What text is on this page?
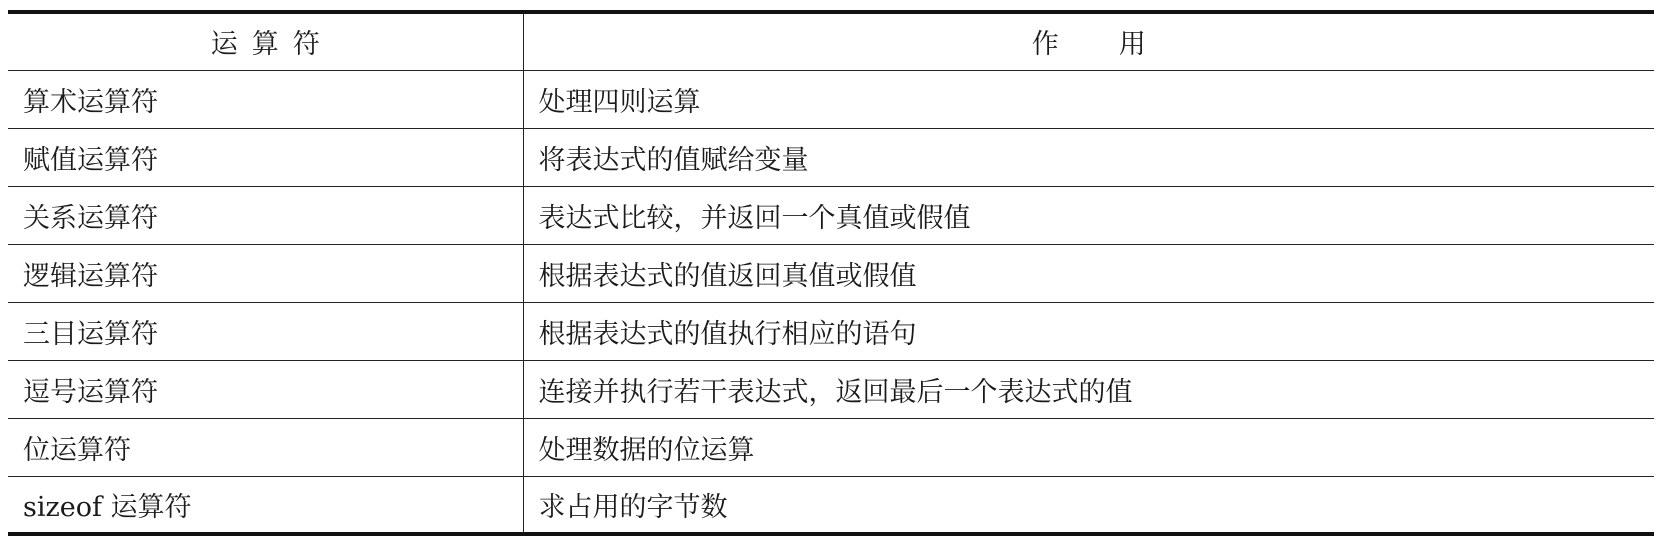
运算符	作用
算术运算符	处理四则运算
赋值运算符	将表达式的值赋给变量
关系运算符	表达式比较，并返回一个真值或假值
逻辑运算符	根据表达式的值返回真值或假值
三目运算符	根据表达式的值执行相应的语句
逗号运算符	连接并执行若干表达式，返回最后一个表达式的值
位运算符	处理数据的位运算
sizeof 运算符	求占用的字节数
